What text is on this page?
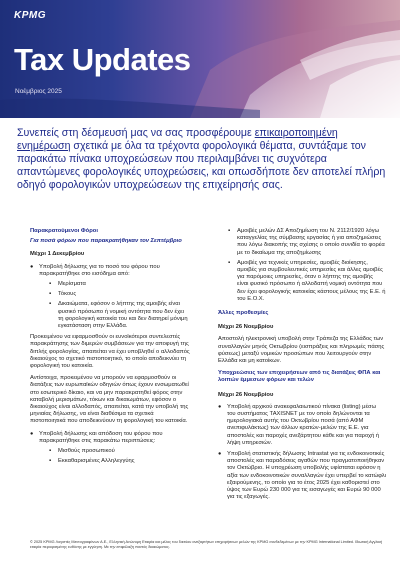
KPMG
Tax Updates
Νοέμβριος 2025
Συνεπείς στη δέσμευσή μας να σας προσφέρουμε επικαιροποιημένη ενημέρωση σχετικά με όλα τα τρέχοντα φορολογικά θέματα, συντάξαμε τον παρακάτω πίνακα υποχρεώσεων που περιλαμβάνει τις συχνότερα απαντώμενες φορολογικές υποχρεώσεις, και οπωσδήποτε δεν αποτελεί πλήρη οδηγό φορολογικών υποχρεώσεων της επιχείρησής σας.
Παρακρατούμενοι Φόροι
Για ποσά φόρων που παρακρατήθηκαν τον Σεπτέμβριο
Μέχρι 1 Δεκεμβρίου
● Υποβολή δήλωσης για το ποσό του φόρου που παρακρατήθηκε στο εισόδημα από:
▪ Μερίσματα
▪ Τόκους
▪ Δικαιώματα, εφόσον ο λήπτης της αμοιβής είναι φυσικό πρόσωπο ή νομική οντότητα που δεν έχει τη φορολογική κατοικία του και δεν διατηρεί μόνιμη εγκατάσταση στην Ελλάδα.
Προκειμένου να εφαρμοσθούν οι ευνοϊκότεροι συντελεστές παρακράτησης των διμερών συμβάσεων για την αποφυγή της διπλής φορολογίας, απαιτείται να έχει υποβληθεί ο αλλοδαπός δικαιούχος το σχετικό πιστοποιητικό, το οποίο αποδεικνύει τη φορολογική του κατοικία.
Αντίστοιχα, προκειμένου να μπορούν να εφαρμοσθούν οι διατάξεις των ευρωπαϊκών οδηγιών όπως έχουν ενσωματωθεί στο εσωτερικό δίκαιο, και να μην παρακρατηθεί φόρος στην καταβολή μερισμάτων, τόκων και δικαιωμάτων, εφόσον ο δικαιούχος είναι αλλοδαπός, απαιτείται, κατά την υποβολή της μηνιαίας δήλωσης, να είναι διαθέσιμα τα σχετικά πιστοποιητικά που αποδεικνύουν τη φορολογική του κατοικία.
● Υποβολή δήλωσης και απόδοση του φόρου που παρακρατήθηκε στις παρακάτω περιπτώσεις:
▪ Μισθούς προσωπικού
▪ Εκκαθαρισμένες Αλληλεγγύης
▪ Αμοιβές μελών ΔΣ Αποζημίωση του Ν. 2112/1920 λόγω καταγγελίας της σύμβασης εργασίας ή για αποζημιώσεις που λόγω διακοπής της σχέσης ο οποίο συνιδία το φορέα με το δικαίωμα της αποζημίωσης
▪ Αμοιβές για τεχνικές υπηρεσίες, αμοιβές διοίκησης, αμοιβές για συμβουλευτικές υπηρεσίες και άλλες αμοιβές για παρόμοιες υπηρεσίες, όταν ο λήπτης της αμοιβής είναι φυσικό πρόσωπο ή αλλοδαπή νομική οντότητα που δεν έχει φορολογικής κατοικίας κάστους μέλους της Ε.Ε. ή του Ε.Ο.Χ.
Άλλες προθεσμίες
Μέχρι 26 Νοεμβρίου
Αποστολή ηλεκτρονική υποβολή στην Τράπεζα της Ελλάδος των συναλλαγών μηνός Οκτωβρίου (εισπράξεις και πληρωμές πάσης φύσεως) μεταξύ νομικών προσώπων που λειτουργούν στην Ελλάδα και μη κατοίκων.
Υποχρεώσεις των επιχειρήσεων από τις διατάξεις ΦΠΑ και λοιπών έμμεσων φόρων και τελών
Μέχρι 26 Νοεμβρίου
● Υποβολή αρχικού ανακεφαλαιωτικού πίνακα (listing) μέσω του συστήματος TAXISNET με τον οποίο δηλώνονται τα ημερολογιακά αυτής του Οκτωβρίου ποσά (από ΑΦΜ ανεπιφυλάκτως) των άλλων κρατών-μελών της Ε.Ε. για αποστολές και παροχές ανεξάρτητου κάθε και για παροχή ή λήψη υπηρεσιών.
● Υποβολή στατιστικής δήλωσης Intrastat για τις ενδοκοινοτικές αποστολές και παραδόσεις αγαθών που πραγματοποιήθηκαν τον Οκτώβριο. Η υποχρέωση υποβολής υφίσταται εφόσον η αξία των ενδοκοινοτικών συναλλαγών έχει υπερβεί το κατώφλι εξαιρούμενης, το οποίο για το έτος 2025 έχει καθοριστεί στο ύψος των Ευρώ 230 000 για τις εισαγωγές και Ευρώ 90 000 για τις εξαγωγές.
© 2025 KPMG Λογιστές Μεντογραφόνων Α.Ε., Ελληνική Ανώνυμη Εταιρία και μέλος του δικτύου ανεξαρτήτων επιχειρήσεων μελών της KPMG συνδεδεμένων με την KPMG International Limited. Ιδιωτική Αγγλική εταιρία περιορισμένης ευθύνης με εγγύηση. Με την επιφύλαξη παντός δικαιώματος.
